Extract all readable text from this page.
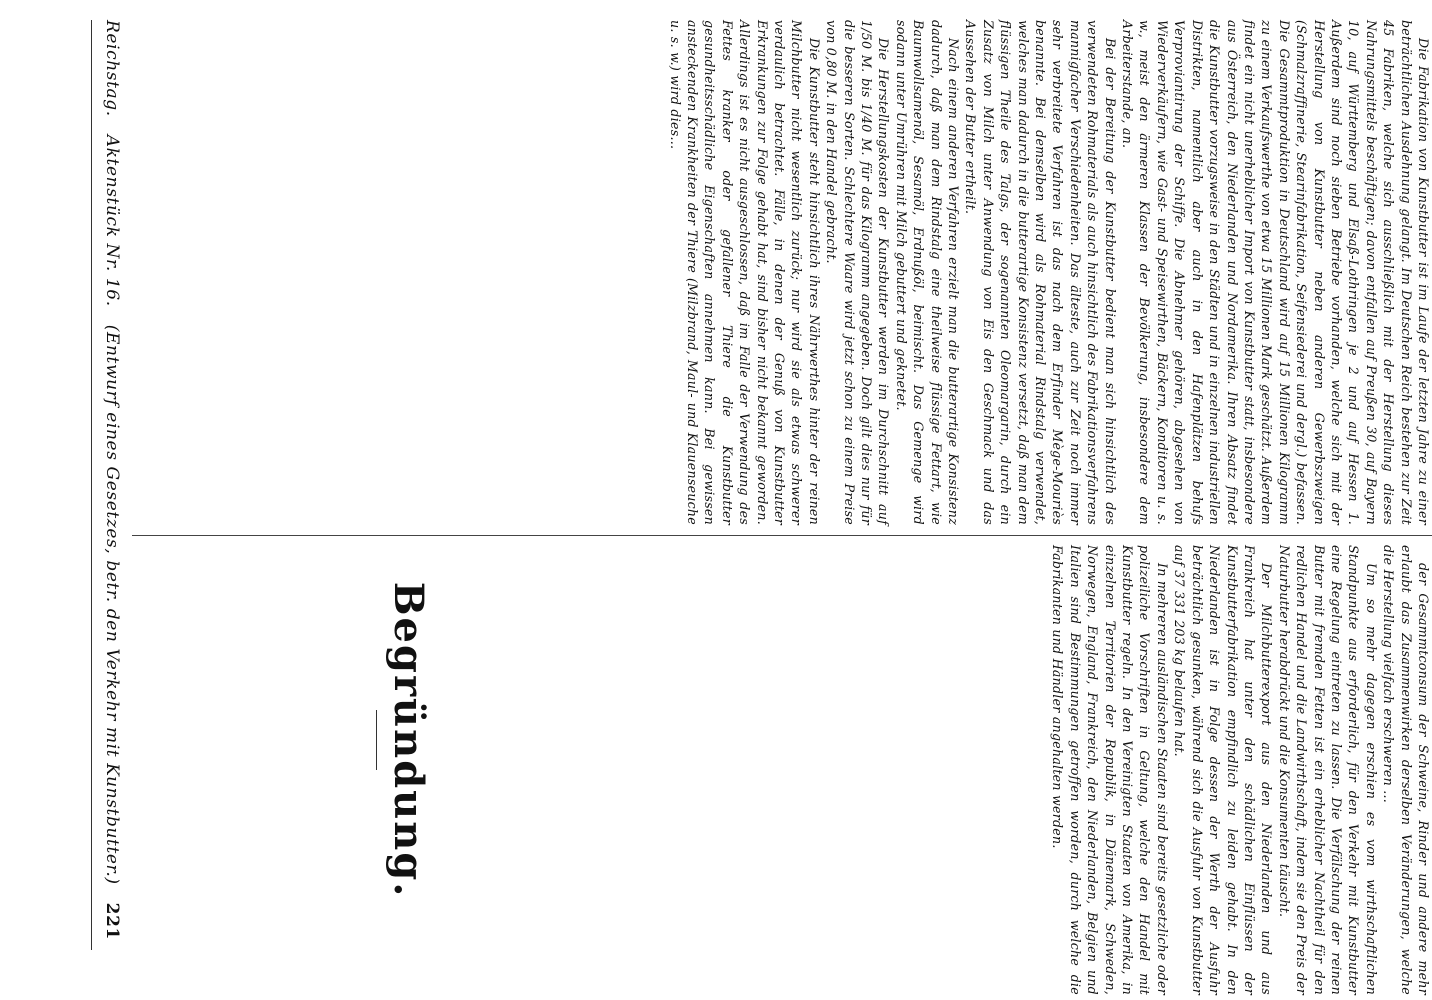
Reichstag.
Aktenstück Nr. 16.
(Entwurf eines Gesetzes, betr. den Verkehr mit Kunstbutter.)
221
Begründung.

Die Fabrikation von Kunstbutter ist im Laufe der letzten Jahre zu einer beträchtlichen Ausdehnung gelangt. Im Deutschen Reich bestehen zur Zeit 45 Fabriken, welche sich ausschließlich mit der Herstellung dieses Nahrungsmittels beschäftigen; davon entfallen auf Preußen 30, auf Bayern 10, auf Württemberg und Elsaß-Lothringen je 2 und auf Hessen 1. Außerdem sind noch sieben Betriebe vorhanden, welche sich mit der Herstellung von Kunstbutter neben anderen Gewerbszweigen (Schmalzraffinerie, Stearinfabrikation, Seifensiederei und dergl.) befassen. Die Gesammtproduktion in Deutschland wird auf 15 Millionen Kilogramm zu einem Verkaufswerthe von etwa 15 Millionen Mark geschätzt. Außerdem findet ein nicht unerheblicher Import von Kunstbutter statt, insbesondere aus Österreich, den Niederlanden und Nordamerika. Ihren Absatz findet die Kunstbutter vorzugsweise in den Städten und in einzelnen industriellen Distrikten, namentlich aber auch in den Hafenplätzen behufs Verproviantirung der Schiffe. Die Abnehmer gehören, abgesehen von Wiederverkäufern, wie Gast- und Speisewirthen, Bäckern, Konditoren u. s. w., meist den ärmeren Klassen der Bevölkerung, insbesondere dem Arbeiterstande, an.

Bei der Bereitung der Kunstbutter bedient man sich hinsichtlich des verwendeten Rohmaterials als auch hinsichtlich des Fabrikationsverfahrens mannigfacher Verschiedenheiten. Das älteste, auch zur Zeit noch immer sehr verbreitete Verfahren ist das nach dem Erfinder Mège-Mouriès benannte. Bei demselben wird als Rohmaterial Rindstalg verwendet, welches man dadurch in die butterartige Konsistenz versetzt, daß man dem flüssigen Theile des Talgs, der sogenannten Oleomargarin, durch ein Zusatz von Milch unter Anwendung von Eis den Geschmack und das Aussehen der Butter ertheilt.

Nach einem anderen Verfahren erzielt man die butterartige Konsistenz dadurch, daß man dem Rindstalg eine theilweise flüssige Fettart, wie Baumwollsamenöl, Sesamöl, Erdnußöl, beimischt. Das Gemenge wird sodann unter Umrühren mit Milch gebuttert und geknetet.

Die Herstellungskosten der Kunstbutter werden im Durchschnitt auf 1/50 M. bis 1/40 M. für das Kilogramm angegeben. Doch gilt dies nur für die besseren Sorten. Schlechtere Waare wird jetzt schon zu einem Preise von 0,80 M. in den Handel gebracht.

Die Kunstbutter steht hinsichtlich ihres Nährwerthes hinter der reinen Milchbutter nicht wesentlich zurück; nur wird sie als etwas schwerer verdaulich betrachtet. Fälle, in denen der Genuß von Kunstbutter Erkrankungen zur Folge gehabt hat, sind bisher nicht bekannt geworden. Allerdings ist es nicht ausgeschlossen, daß im Falle der Verwendung des Fettes kranker oder gefallener Thiere die Kunstbutter gesundheitsschädliche Eigenschaften annehmen kann. Bei gewissen ansteckenden Krankheiten der Thiere (Milzbrand, Maul- und Klauenseuche u. s. w.) wird dies...

der Gesammtconsum der Schweine, Rinder und andere mehr erlaubt das Zusammenwirken derselben Veränderungen, welche die Herstellung vielfach erschweren ...

Um so mehr dagegen erschien es vom wirthschaftlichen Standpunkte aus erforderlich, für den Verkehr mit Kunstbutter eine Regelung eintreten zu lassen. Die Verfälschung der reinen Butter mit fremden Fetten ist ein erheblicher Nachtheil für den redlichen Handel und die Landwirthschaft, indem sie den Preis der Naturbutter herabdrückt und die Konsumenten täuscht.

Der Milchbutterexport aus den Niederlanden und aus Frankreich hat unter den schädlichen Einflüssen der Kunstbutterfabrikation empfindlich zu leiden gehabt. In den Niederlanden ist in Folge dessen der Werth der Ausfuhr beträchtlich gesunken, während sich die Ausfuhr von Kunstbutter auf 37 331 203 kg belaufen hat.

In mehreren ausländischen Staaten sind bereits gesetzliche oder polizeiliche Vorschriften in Geltung, welche den Handel mit Kunstbutter regeln. In den Vereinigten Staaten von Amerika, in einzelnen Territorien der Republik, in Dänemark, Schweden, Norwegen, England, Frankreich, den Niederlanden, Belgien und Italien sind Bestimmungen getroffen worden, durch welche die Fabrikanten und Händler angehalten werden.
